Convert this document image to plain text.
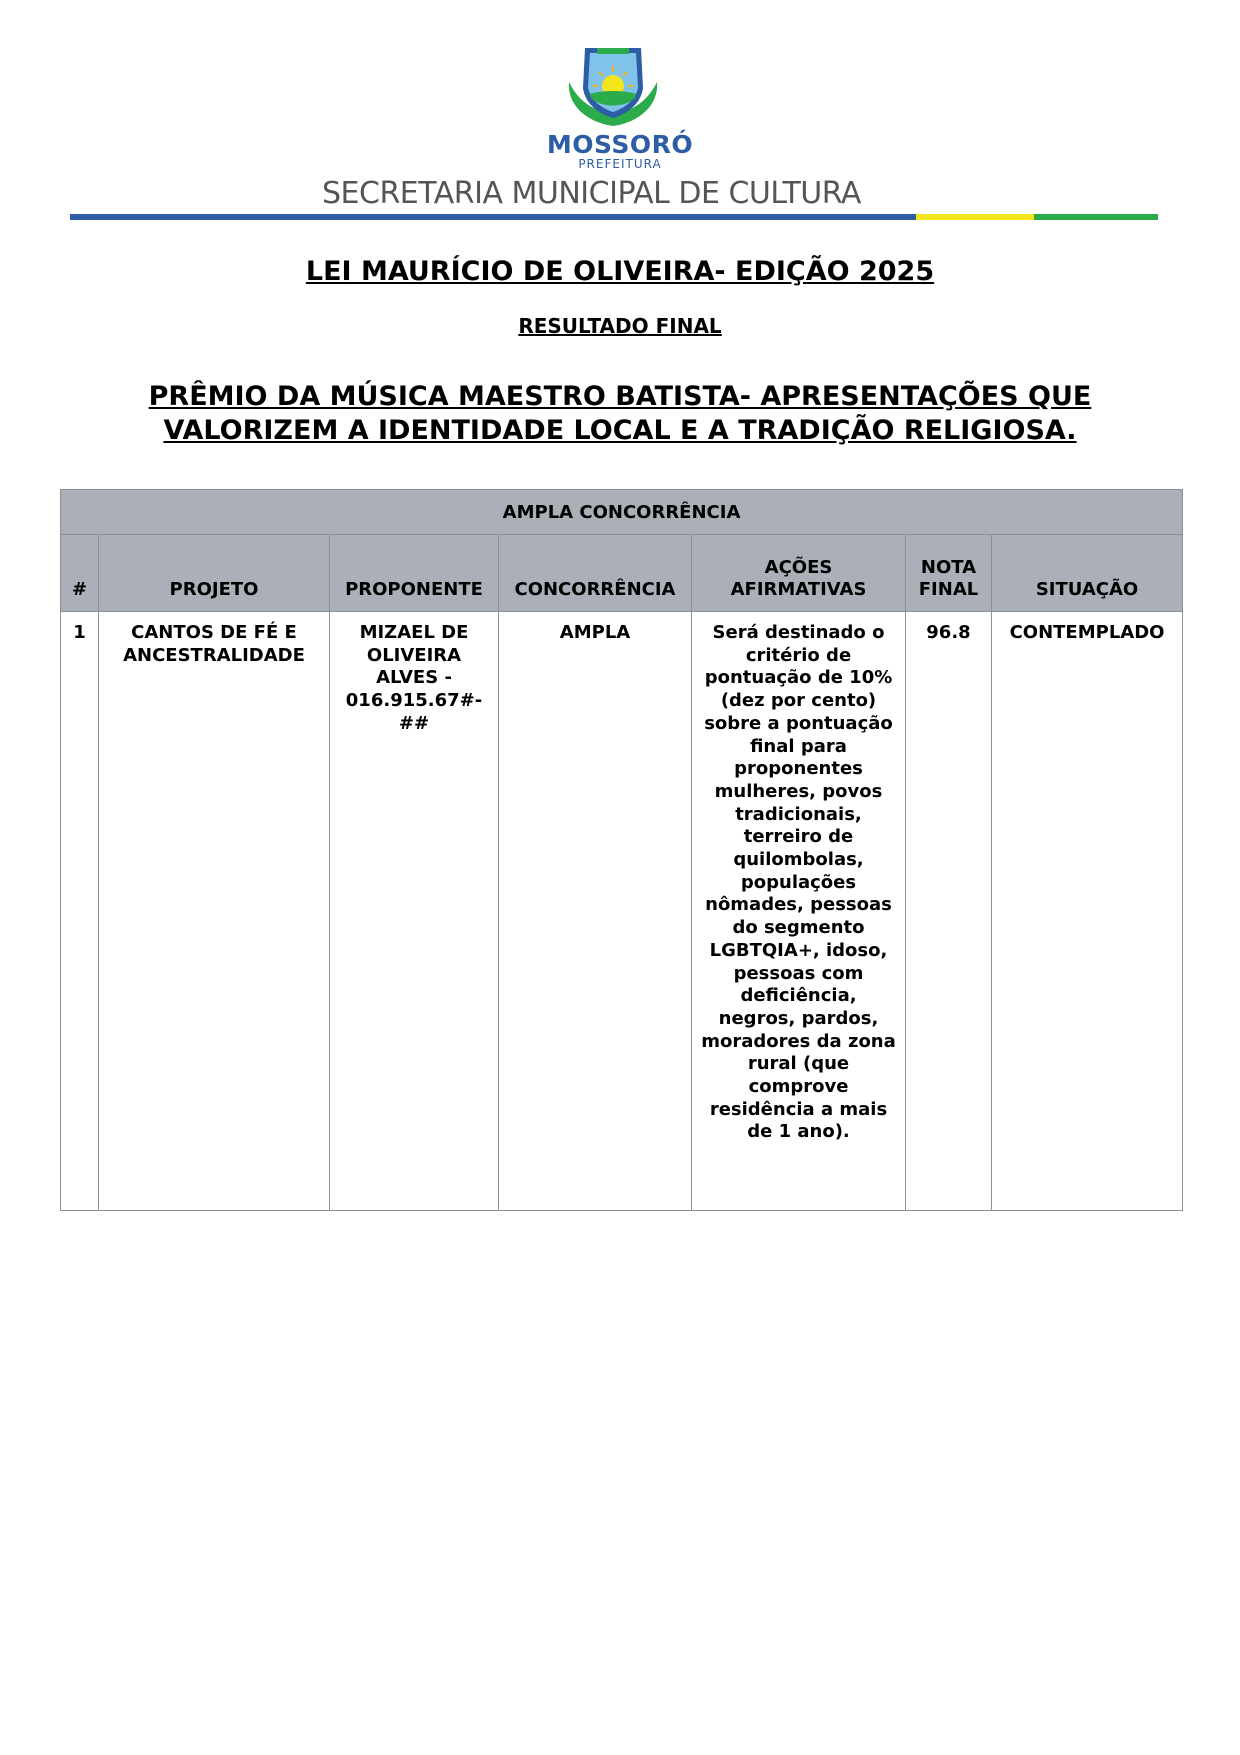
MOSSORÓ
PREFEITURA
SECRETARIA MUNICIPAL DE CULTURA
LEI MAURÍCIO DE OLIVEIRA- EDIÇÃO 2025
RESULTADO FINAL
PRÊMIO DA MÚSICA MAESTRO BATISTA- APRESENTAÇÕES QUE
VALORIZEM A IDENTIDADE LOCAL E A TRADIÇÃO RELIGIOSA.
AMPLA CONCORRÊNCIA						
#	PROJETO	PROPONENTE	CONCORRÊNCIA	AÇÕES AFIRMATIVAS	NOTA FINAL	SITUAÇÃO
1	CANTOS DE FÉ E ANCESTRALIDADE	MIZAEL DE OLIVEIRA ALVES - 016.915.67#-##	AMPLA	Será destinado o critério de pontuação de 10% (dez por cento) sobre a pontuação final para proponentes mulheres, povos tradicionais, terreiro de quilombolas, populações nômades, pessoas do segmento LGBTQIA+, idoso, pessoas com deficiência, negros, pardos, moradores da zona rural (que comprove residência a mais de 1 ano).	96.8	CONTEMPLADO
